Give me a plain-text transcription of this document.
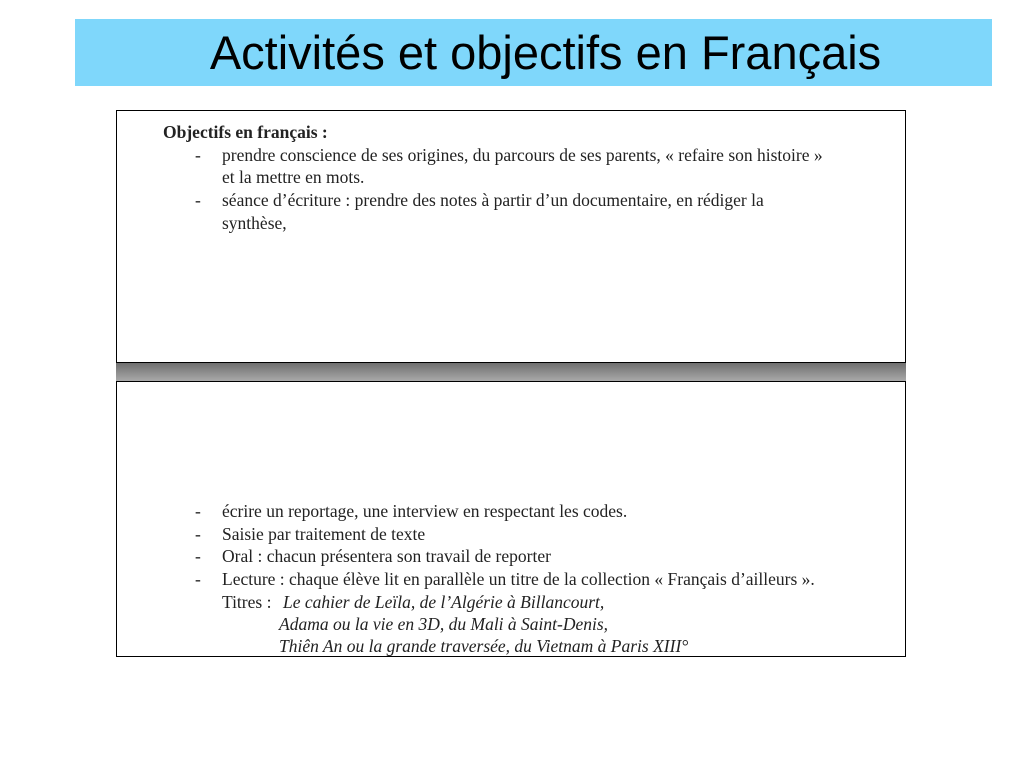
Activités et objectifs en Français
Objectifs en français :
- prendre conscience de ses origines, du parcours de ses parents, « refaire son histoire »
et la mettre en mots.
- séance d’écriture : prendre des notes à partir d’un documentaire, en rédiger la
synthèse,
- écrire un reportage, une interview en respectant les codes.
- Saisie par traitement de texte
- Oral : chacun présentera son travail de reporter
- Lecture : chaque élève lit en parallèle un titre de la collection « Français d’ailleurs ».
Titres : Le cahier de Leïla, de l’Algérie à Billancourt,
Adama ou la vie en 3D, du Mali à Saint-Denis,
Thiên An ou la grande traversée, du Vietnam à Paris XIII°
